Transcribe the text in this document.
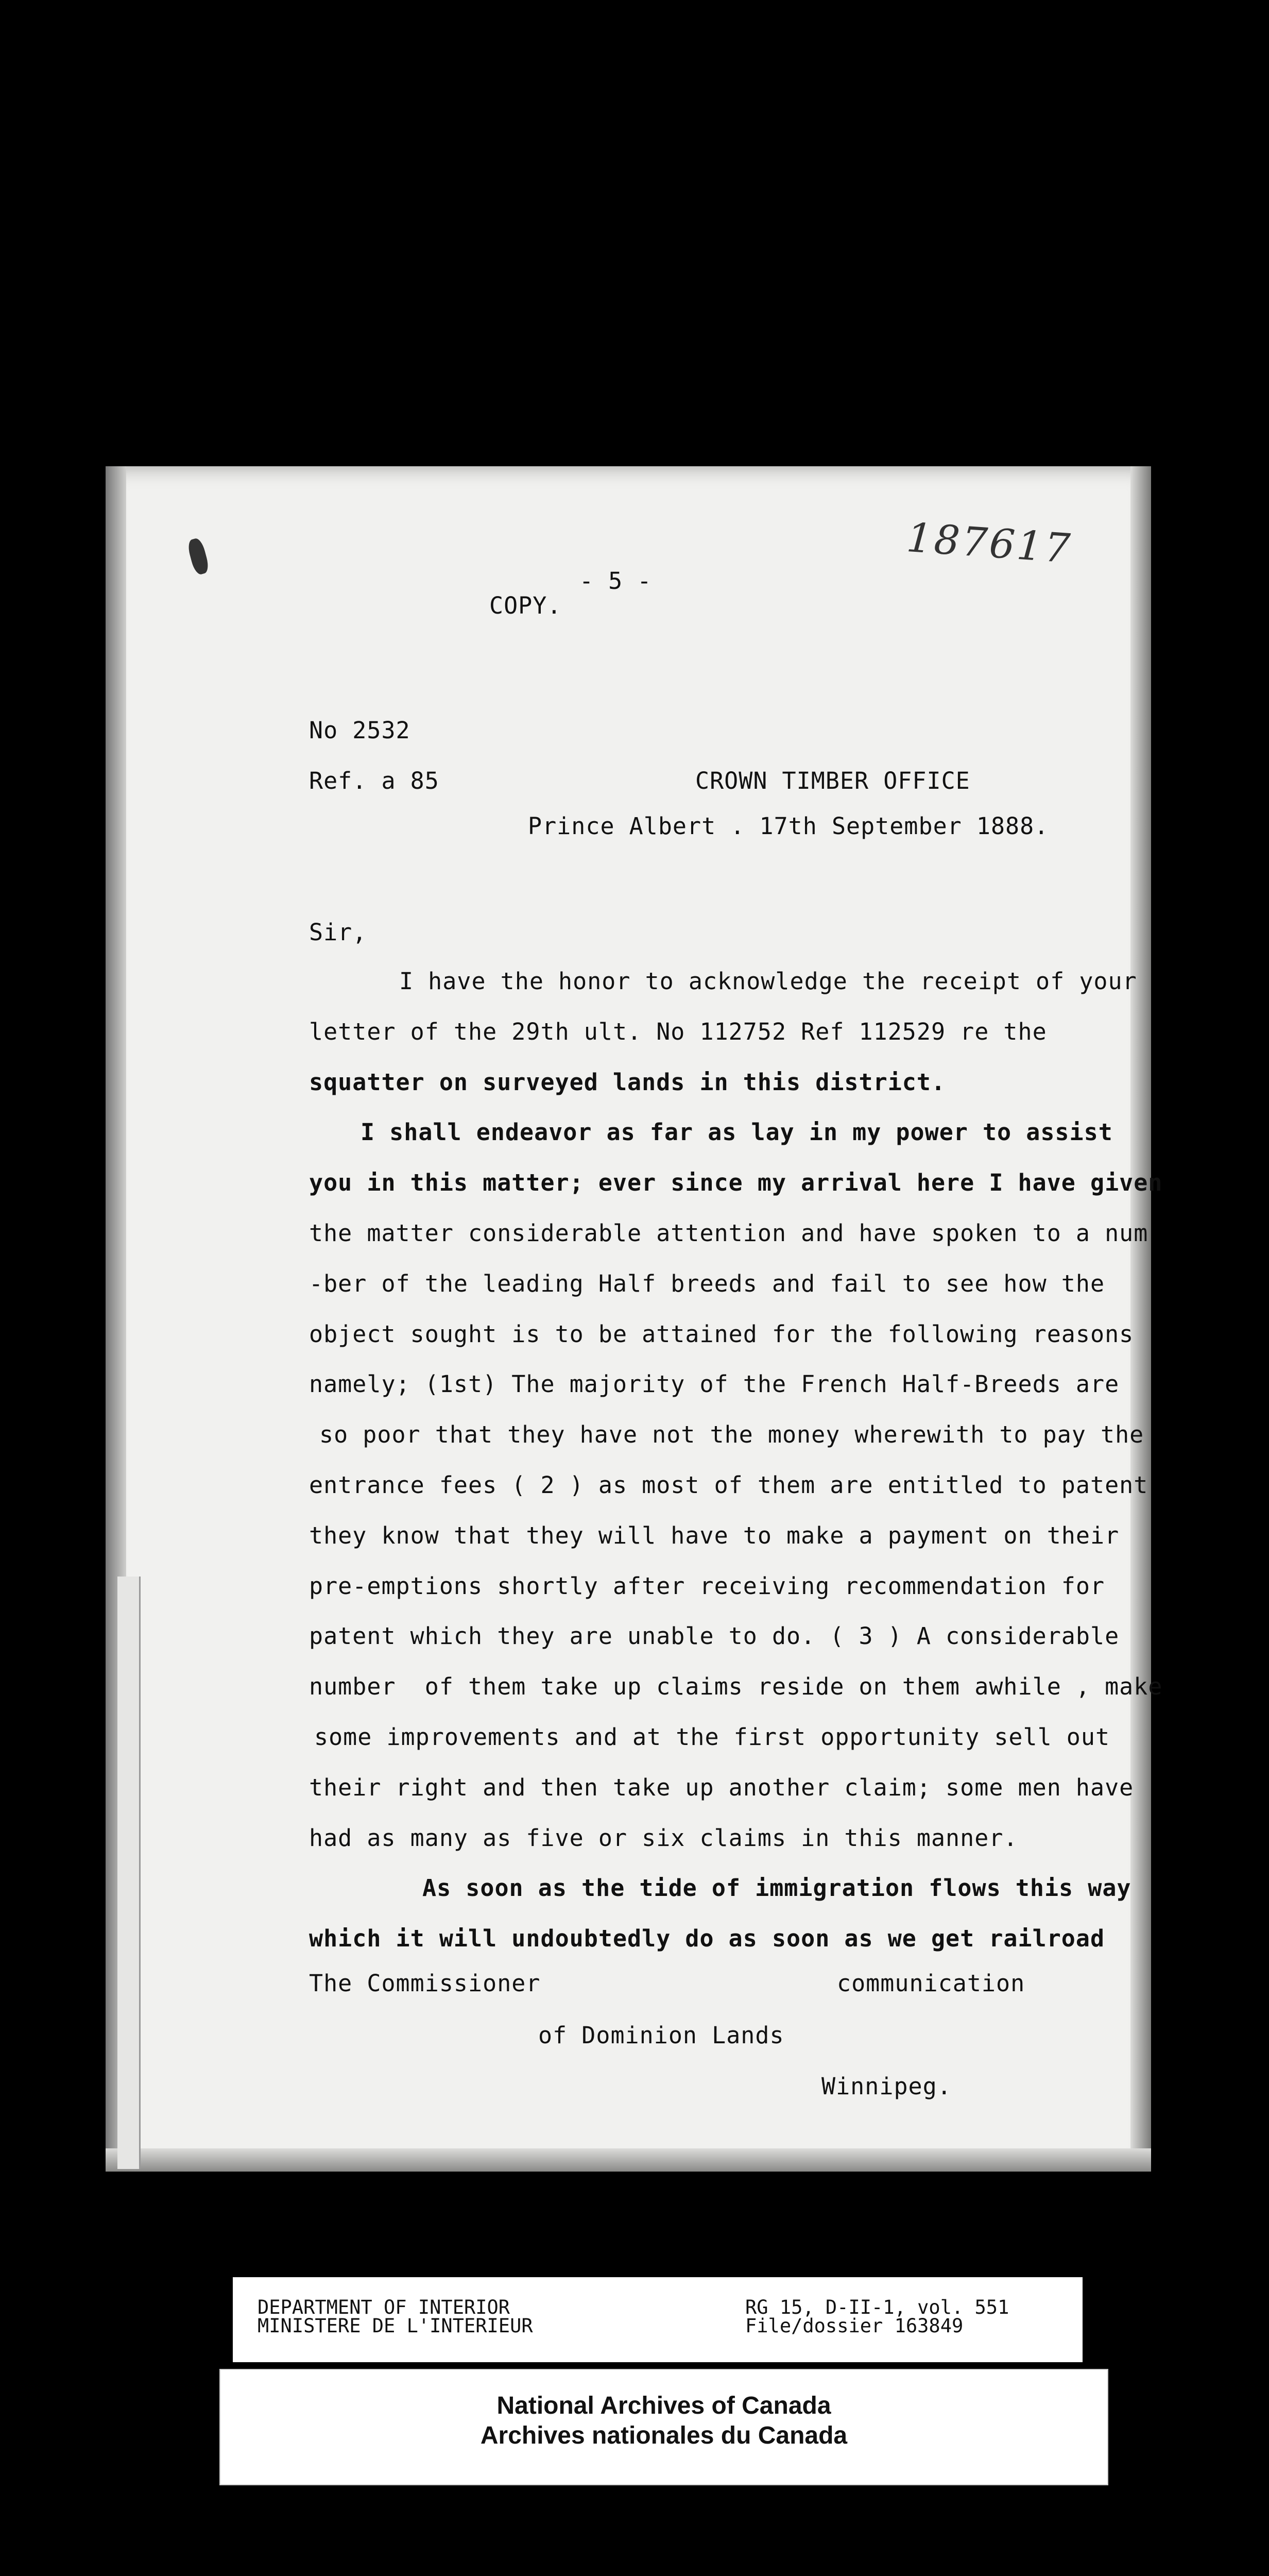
187617
- 5 -
COPY.
No 2532
Ref. a 85	CROWN TIMBER OFFICE
Prince Albert . 17th September 1888.
Sir,
I have the honor to acknowledge the receipt of your
letter of the 29th ult. No 112752 Ref 112529 re the
squatter on surveyed lands in this district.
I shall endeavor as far as lay in my power to assist
you in this matter; ever since my arrival here I have given
the matter considerable attention and have spoken to a num
-ber of the leading Half breeds and fail to see how the
object sought is to be attained for the following reasons
namely; (1st) The majority of the French Half-Breeds are
so poor that they have not the money wherewith to pay the
entrance fees ( 2 ) as most of them are entitled to patent
they know that they will have to make a payment on their
pre-emptions shortly after receiving recommendation for
patent which they are unable to do. ( 3 ) A considerable
number  of them take up claims reside on them awhile , make
some improvements and at the first opportunity sell out
their right and then take up another claim; some men have
had as many as five or six claims in this manner.
As soon as the tide of immigration flows this way
which it will undoubtedly do as soon as we get railroad
The Commissioner	communication
of Dominion Lands
Winnipeg.
DEPARTMENT OF INTERIOR
MINISTERE DE L'INTERIEUR
RG 15, D-II-1, vol. 551
File/dossier 163849
National Archives of Canada
Archives nationales du Canada
